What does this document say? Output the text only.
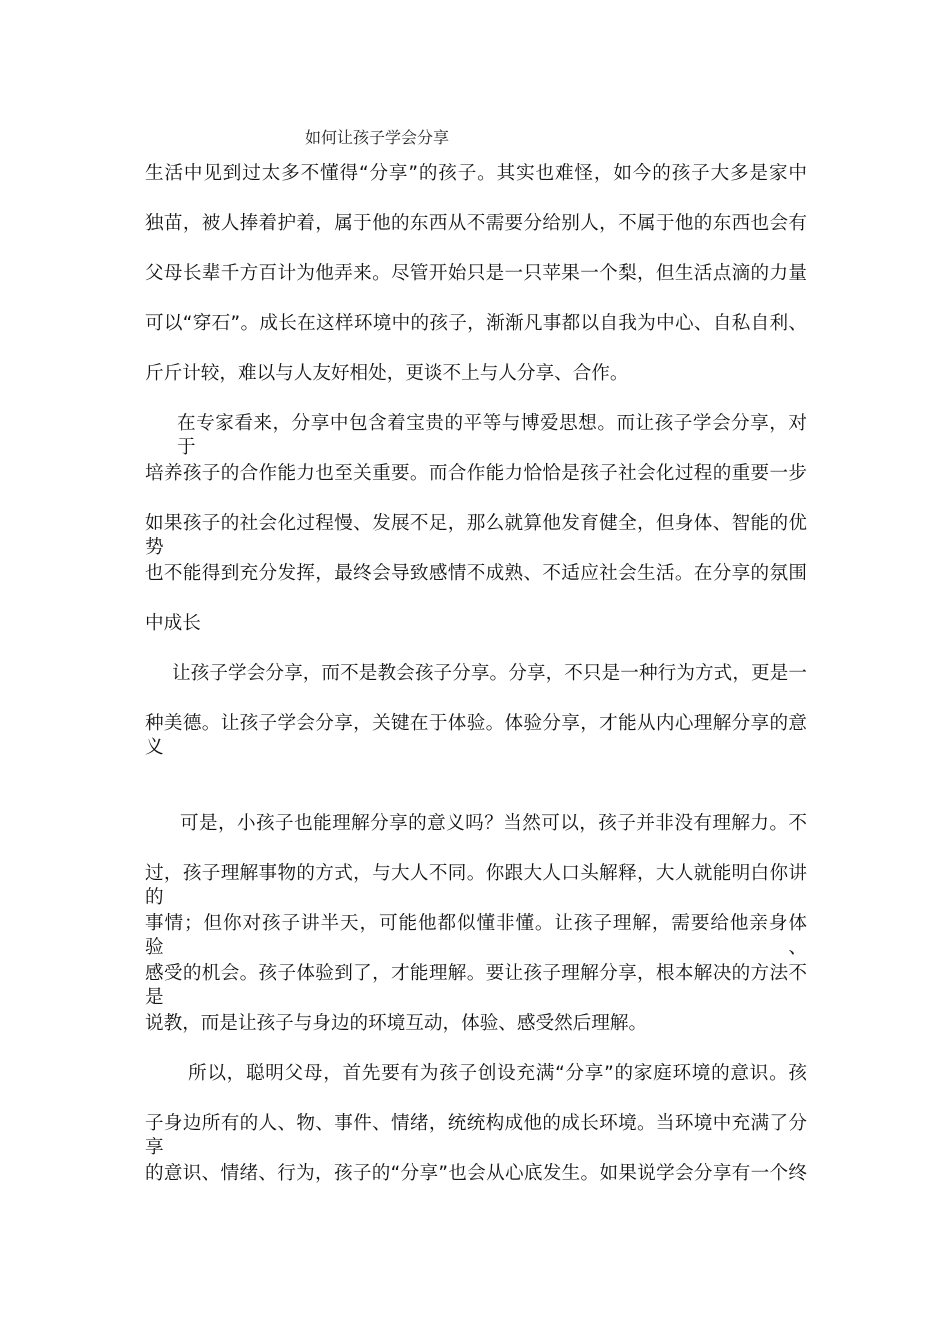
如何让孩子学会分享
生活中见到过太多不懂得“分享”的孩子。其实也难怪，如今的孩子大多是家中
独苗，被人捧着护着，属于他的东西从不需要分给别人，不属于他的东西也会有
父母长辈千方百计为他弄来。尽管开始只是一只苹果一个梨，但生活点滴的力量
可以“穿石”。成长在这样环境中的孩子，渐渐凡事都以自我为中心、自私自利、
斤斤计较，难以与人友好相处，更谈不上与人分享、合作。
在专家看来，分享中包含着宝贵的平等与博爱思想。而让孩子学会分享，对于
培养孩子的合作能力也至关重要。而合作能力恰恰是孩子社会化过程的重要一步
如果孩子的社会化过程慢、发展不足，那么就算他发育健全，但身体、智能的优势
也不能得到充分发挥，最终会导致感情不成熟、不适应社会生活。在分享的氛围
中成长
让孩子学会分享，而不是教会孩子分享。分享，不只是一种行为方式，更是一
种美德。让孩子学会分享，关键在于体验。体验分享，才能从内心理解分享的意义
可是，小孩子也能理解分享的意义吗？当然可以，孩子并非没有理解力。不
过，孩子理解事物的方式，与大人不同。你跟大人口头解释，大人就能明白你讲的
事情；但你对孩子讲半天，可能他都似懂非懂。让孩子理解，需要给他亲身体验、
感受的机会。孩子体验到了，才能理解。要让孩子理解分享，根本解决的方法不是
说教，而是让孩子与身边的环境互动，体验、感受然后理解。
所以，聪明父母，首先要有为孩子创设充满“分享”的家庭环境的意识。孩
子身边所有的人、物、事件、情绪，统统构成他的成长环境。当环境中充满了分享
的意识、情绪、行为，孩子的“分享”也会从心底发生。如果说学会分享有一个终
